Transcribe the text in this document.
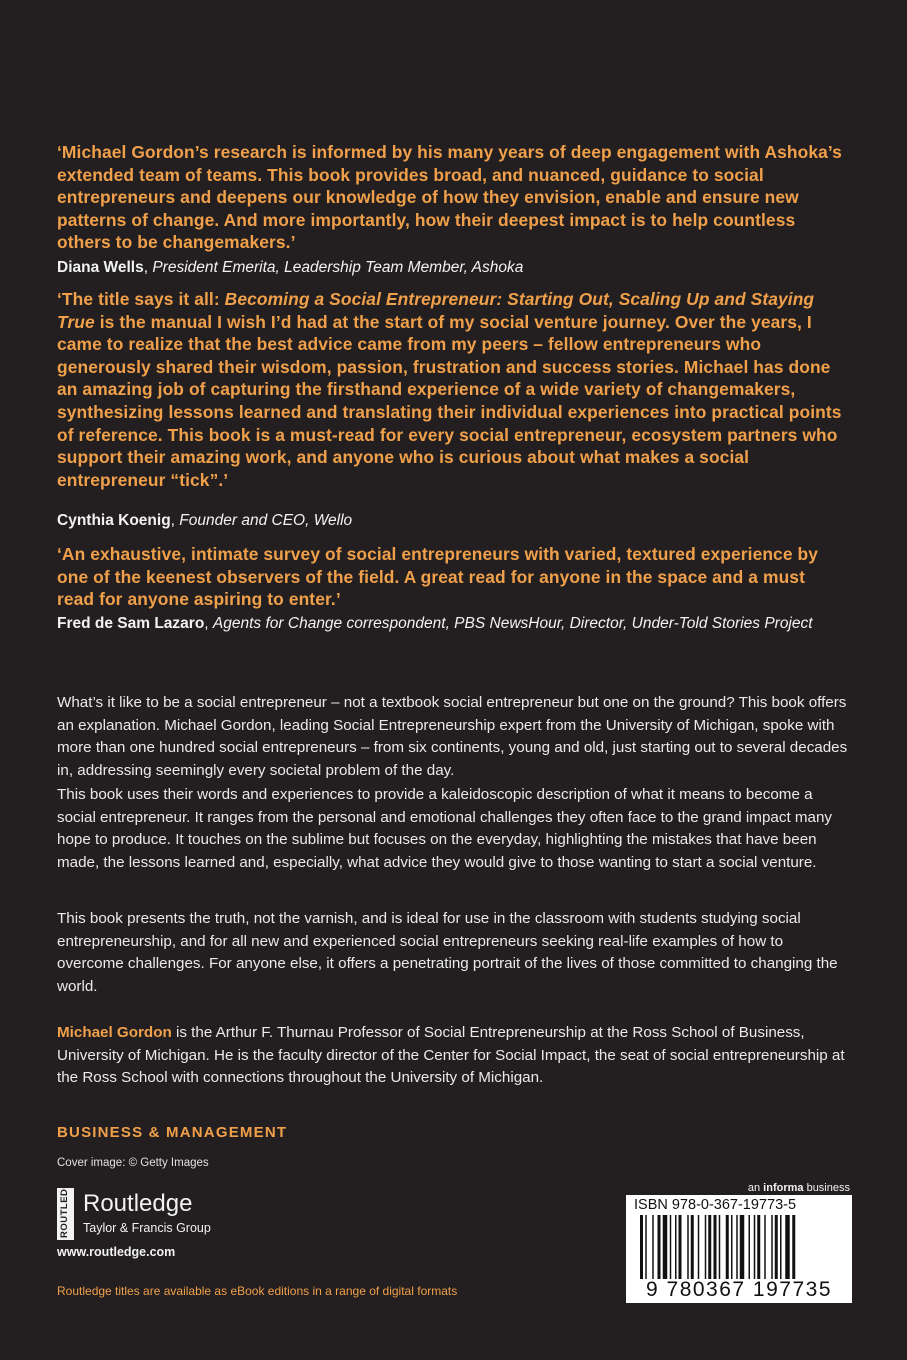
‘Michael Gordon’s research is informed by his many years of deep engagement with Ashoka’s extended team of teams. This book provides broad, and nuanced, guidance to social entrepreneurs and deepens our knowledge of how they envision, enable and ensure new patterns of change. And more importantly, how their deepest impact is to help countless others to be changemakers.’
Diana Wells, President Emerita, Leadership Team Member, Ashoka
‘The title says it all: Becoming a Social Entrepreneur: Starting Out, Scaling Up and Staying True is the manual I wish I’d had at the start of my social venture journey. Over the years, I came to realize that the best advice came from my peers – fellow entrepreneurs who generously shared their wisdom, passion, frustration and success stories. Michael has done an amazing job of capturing the firsthand experience of a wide variety of changemakers, synthesizing lessons learned and translating their individual experiences into practical points of reference. This book is a must-read for every social entrepreneur, ecosystem partners who support their amazing work, and anyone who is curious about what makes a social entrepreneur “tick”.’
Cynthia Koenig, Founder and CEO, Wello
‘An exhaustive, intimate survey of social entrepreneurs with varied, textured experience by one of the keenest observers of the field. A great read for anyone in the space and a must read for anyone aspiring to enter.’
Fred de Sam Lazaro, Agents for Change correspondent, PBS NewsHour, Director, Under-Told Stories Project
What’s it like to be a social entrepreneur – not a textbook social entrepreneur but one on the ground? This book offers an explanation. Michael Gordon, leading Social Entrepreneurship expert from the University of Michigan, spoke with more than one hundred social entrepreneurs – from six continents, young and old, just starting out to several decades in, addressing seemingly every societal problem of the day.
This book uses their words and experiences to provide a kaleidoscopic description of what it means to become a social entrepreneur. It ranges from the personal and emotional challenges they often face to the grand impact many hope to produce. It touches on the sublime but focuses on the everyday, highlighting the mistakes that have been made, the lessons learned and, especially, what advice they would give to those wanting to start a social venture.
This book presents the truth, not the varnish, and is ideal for use in the classroom with students studying social entrepreneurship, and for all new and experienced social entrepreneurs seeking real-life examples of how to overcome challenges. For anyone else, it offers a penetrating portrait of the lives of those committed to changing the world.
Michael Gordon is the Arthur F. Thurnau Professor of Social Entrepreneurship at the Ross School of Business, University of Michigan. He is the faculty director of the Center for Social Impact, the seat of social entrepreneurship at the Ross School with connections throughout the University of Michigan.
BUSINESS & MANAGEMENT
Cover image: © Getty Images
ROUTLEDGE Routledge
Taylor & Francis Group
www.routledge.com
Routledge titles are available as eBook editions in a range of digital formats
an informa business
ISBN 978-0-367-19773-5
9 780367 197735
